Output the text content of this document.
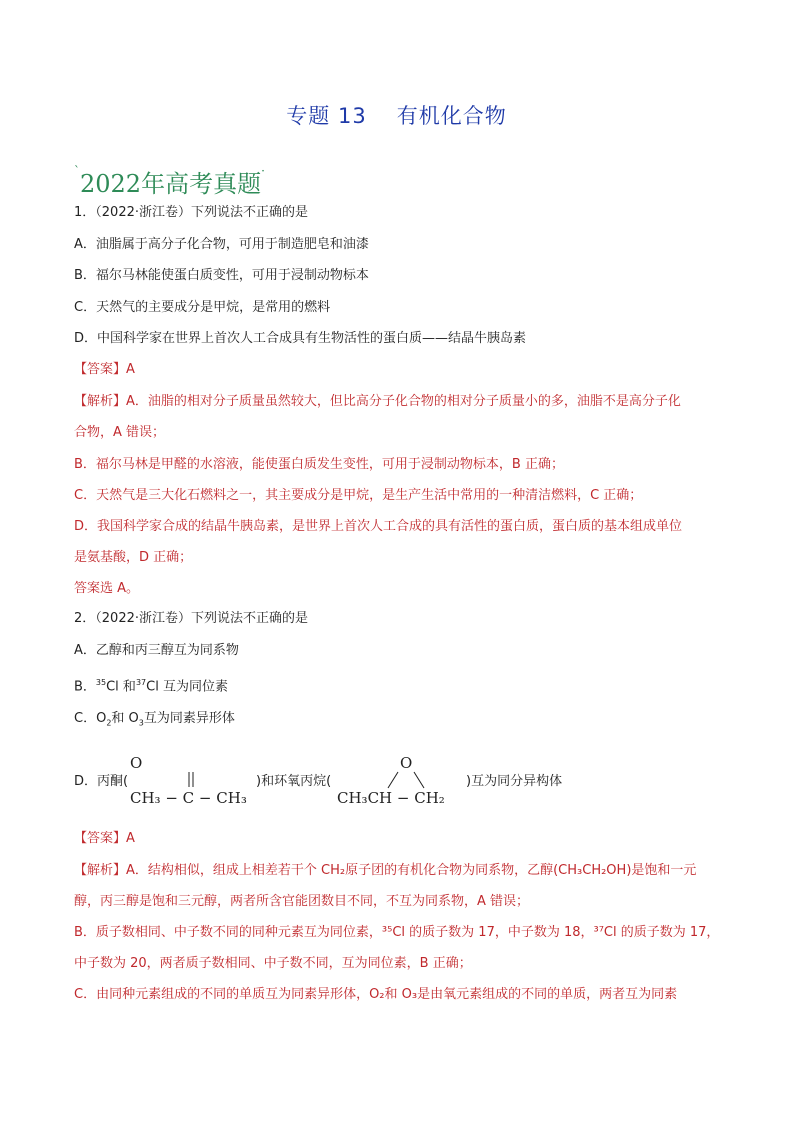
专题 13 有机化合物
`2022年高考真题·
1．（2022·浙江卷）下列说法不正确的是
A．油脂属于高分子化合物，可用于制造肥皂和油漆
B．福尔马林能使蛋白质变性，可用于浸制动物标本
C．天然气的主要成分是甲烷，是常用的燃料
D．中国科学家在世界上首次人工合成具有生物活性的蛋白质——结晶牛胰岛素
【答案】A
【解析】A．油脂的相对分子质量虽然较大，但比高分子化合物的相对分子质量小的多，油脂不是高分子化
合物，A 错误；
B．福尔马林是甲醛的水溶液，能使蛋白质发生变性，可用于浸制动物标本，B 正确；
C．天然气是三大化石燃料之一，其主要成分是甲烷，是生产生活中常用的一种清洁燃料，C 正确；
D．我国科学家合成的结晶牛胰岛素，是世界上首次人工合成的具有活性的蛋白质，蛋白质的基本组成单位
是氨基酸，D 正确；
答案选 A。
2．（2022·浙江卷）下列说法不正确的是
A．乙醇和丙三醇互为同系物
B．$^{35}$Cl 和$^{37}$Cl 互为同位素
C．$O_2$和 $O_3$互为同素异形体
D．丙酮(
O
CH₃ − C − CH₃
)和环氧丙烷(
O
CH₃CH − CH₂
)互为同分异构体
【答案】A
【解析】A．结构相似，组成上相差若干个 CH₂原子团的有机化合物为同系物，乙醇(CH₃CH₂OH)是饱和一元
醇，丙三醇是饱和三元醇，两者所含官能团数目不同，不互为同系物，A 错误；
B．质子数相同、中子数不同的同种元素互为同位素，³⁵Cl 的质子数为 17，中子数为 18，³⁷Cl 的质子数为 17，
中子数为 20，两者质子数相同、中子数不同，互为同位素，B 正确；
C．由同种元素组成的不同的单质互为同素异形体，O₂和 O₃是由氧元素组成的不同的单质，两者互为同素
